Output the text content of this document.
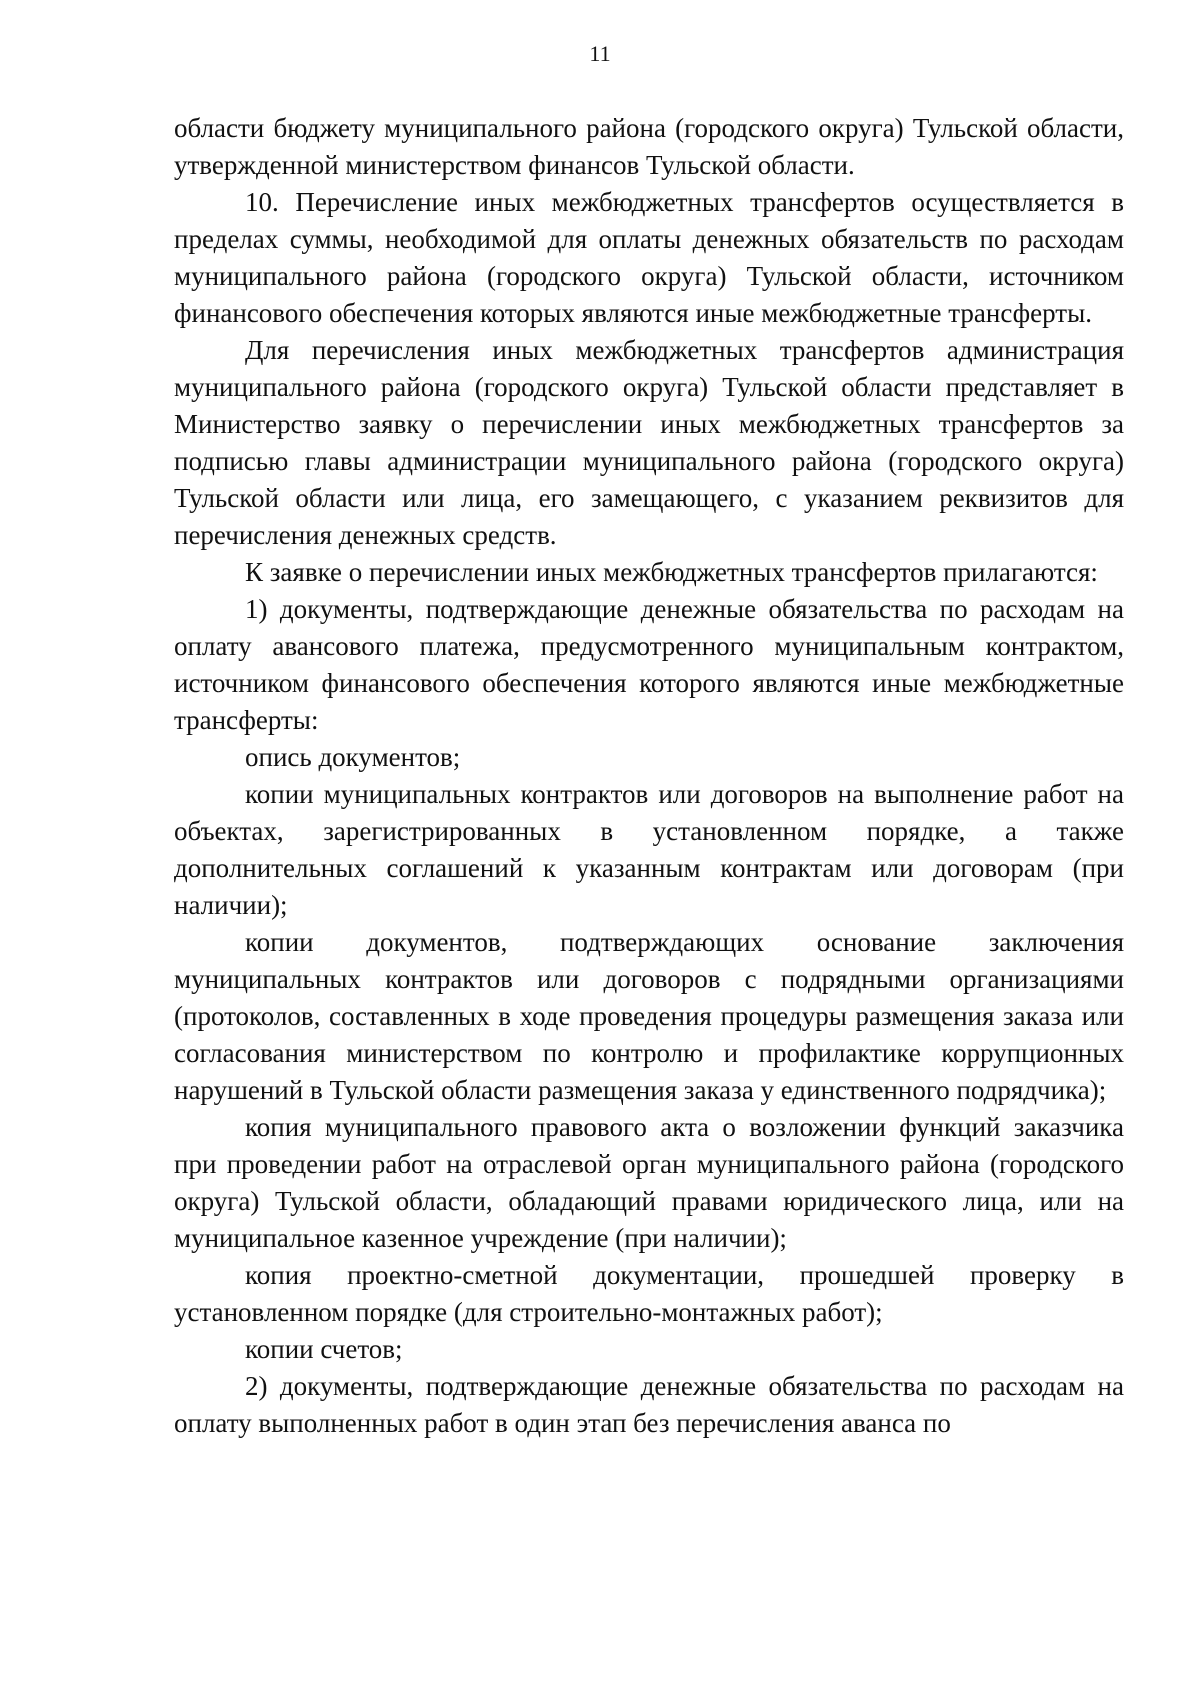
11

области бюджету муниципального района (городского округа) Тульской области, утвержденной министерством финансов Тульской области.

10. Перечисление иных межбюджетных трансфертов осуществляется в пределах суммы, необходимой для оплаты денежных обязательств по расходам муниципального района (городского округа) Тульской области, источником финансового обеспечения которых являются иные межбюджетные трансферты.

Для перечисления иных межбюджетных трансфертов администрация муниципального района (городского округа) Тульской области представляет в Министерство заявку о перечислении иных межбюджетных трансфертов за подписью главы администрации муниципального района (городского округа) Тульской области или лица, его замещающего, с указанием реквизитов для перечисления денежных средств.

К заявке о перечислении иных межбюджетных трансфертов прилагаются:

1) документы, подтверждающие денежные обязательства по расходам на оплату авансового платежа, предусмотренного муниципальным контрактом, источником финансового обеспечения которого являются иные межбюджетные трансферты:

опись документов;

копии муниципальных контрактов или договоров на выполнение работ на объектах, зарегистрированных в установленном порядке, а также дополнительных соглашений к указанным контрактам или договорам (при наличии);

копии документов, подтверждающих основание заключения муниципальных контрактов или договоров с подрядными организациями (протоколов, составленных в ходе проведения процедуры размещения заказа или согласования министерством по контролю и профилактике коррупционных нарушений в Тульской области размещения заказа у единственного подрядчика);

копия муниципального правового акта о возложении функций заказчика при проведении работ на отраслевой орган муниципального района (городского округа) Тульской области, обладающий правами юридического лица, или на муниципальное казенное учреждение (при наличии);

копия проектно-сметной документации, прошедшей проверку в установленном порядке (для строительно-монтажных работ);

копии счетов;

2) документы, подтверждающие денежные обязательства по расходам на оплату выполненных работ в один этап без перечисления аванса по
